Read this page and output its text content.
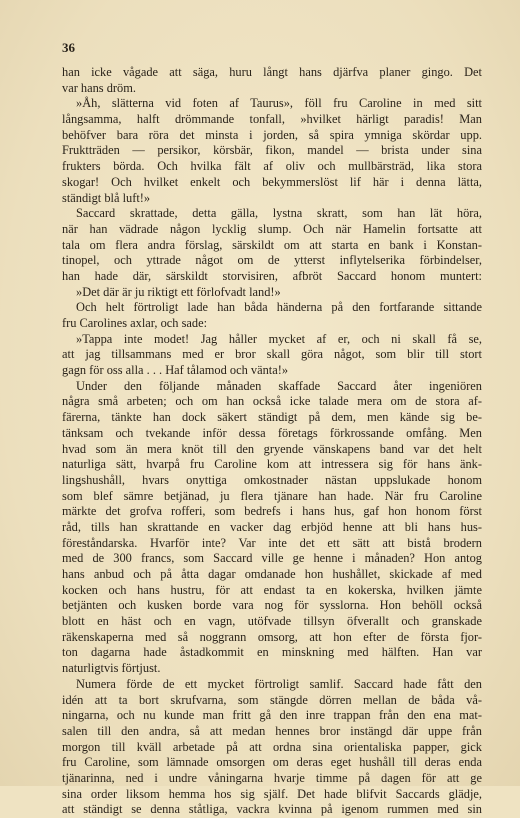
36
han icke vågade att säga, huru långt hans djärfva planer gingo. Det
var hans dröm.
»Åh, slätterna vid foten af Taurus», föll fru Caroline in med sitt
långsamma, halft drömmande tonfall, »hvilket härligt paradis! Man
behöfver bara röra det minsta i jorden, så spira ymniga skördar upp.
Fruktträden — persikor, körsbär, fikon, mandel — brista under sina
frukters börda. Och hvilka fält af oliv och mullbärsträd, lika stora
skogar! Och hvilket enkelt och bekymmerslöst lif här i denna lätta,
ständigt blå luft!»
Saccard skrattade, detta gälla, lystna skratt, som han lät höra,
när han vädrade någon lycklig slump. Och när Hamelin fortsatte att
tala om flera andra förslag, särskildt om att starta en bank i Konstan-
tinopel, och yttrade något om de ytterst inflytelserika förbindelser,
han hade där, särskildt storvisiren, afbröt Saccard honom muntert:
»Det där är ju riktigt ett förlofvadt land!»
Och helt förtroligt lade han båda händerna på den fortfarande sittande
fru Carolines axlar, och sade:
»Tappa inte modet! Jag håller mycket af er, och ni skall få se,
att jag tillsammans med er bror skall göra något, som blir till stort
gagn för oss alla . . . Haf tålamod och vänta!»
Under den följande månaden skaffade Saccard åter ingeniören
några små arbeten; och om han också icke talade mera om de stora af-
färerna, tänkte han dock säkert ständigt på dem, men kände sig be-
tänksam och tvekande inför dessa företags förkrossande omfång. Men
hvad som än mera knöt till den gryende vänskapens band var det helt
naturliga sätt, hvarpå fru Caroline kom att intressera sig för hans änk-
lingshushåll, hvars onyttiga omkostnader nästan uppslukade honom
som blef sämre betjänad, ju flera tjänare han hade. När fru Caroline
märkte det grofva rofferi, som bedrefs i hans hus, gaf hon honom först
råd, tills han skrattande en vacker dag erbjöd henne att bli hans hus-
föreståndarska. Hvarför inte? Var inte det ett sätt att bistå brodern
med de 300 francs, som Saccard ville ge henne i månaden? Hon antog
hans anbud och på åtta dagar omdanade hon hushållet, skickade af med
kocken och hans hustru, för att endast ta en kokerska, hvilken jämte
betjänten och kusken borde vara nog för sysslorna. Hon behöll också
blott en häst och en vagn, utöfvade tillsyn öfverallt och granskade
räkenskaperna med så noggrann omsorg, att hon efter de första fjor-
ton dagarna hade åstadkommit en minskning med hälften. Han var
naturligtvis förtjust.
Numera förde de ett mycket förtroligt samlif. Saccard hade fått den
idén att ta bort skrufvarna, som stängde dörren mellan de båda vå-
ningarna, och nu kunde man fritt gå den inre trappan från den ena mat-
salen till den andra, så att medan hennes bror instängd där uppe från
morgon till kväll arbetade på att ordna sina orientaliska papper, gick
fru Caroline, som lämnade omsorgen om deras eget hushåll till deras enda
tjänarinna, ned i undre våningarna hvarje timme på dagen för att ge
sina order liksom hemma hos sig själf. Det hade blifvit Saccards glädje,
att ständigt se denna ståtliga, vackra kvinna på igenom rummen med sin
